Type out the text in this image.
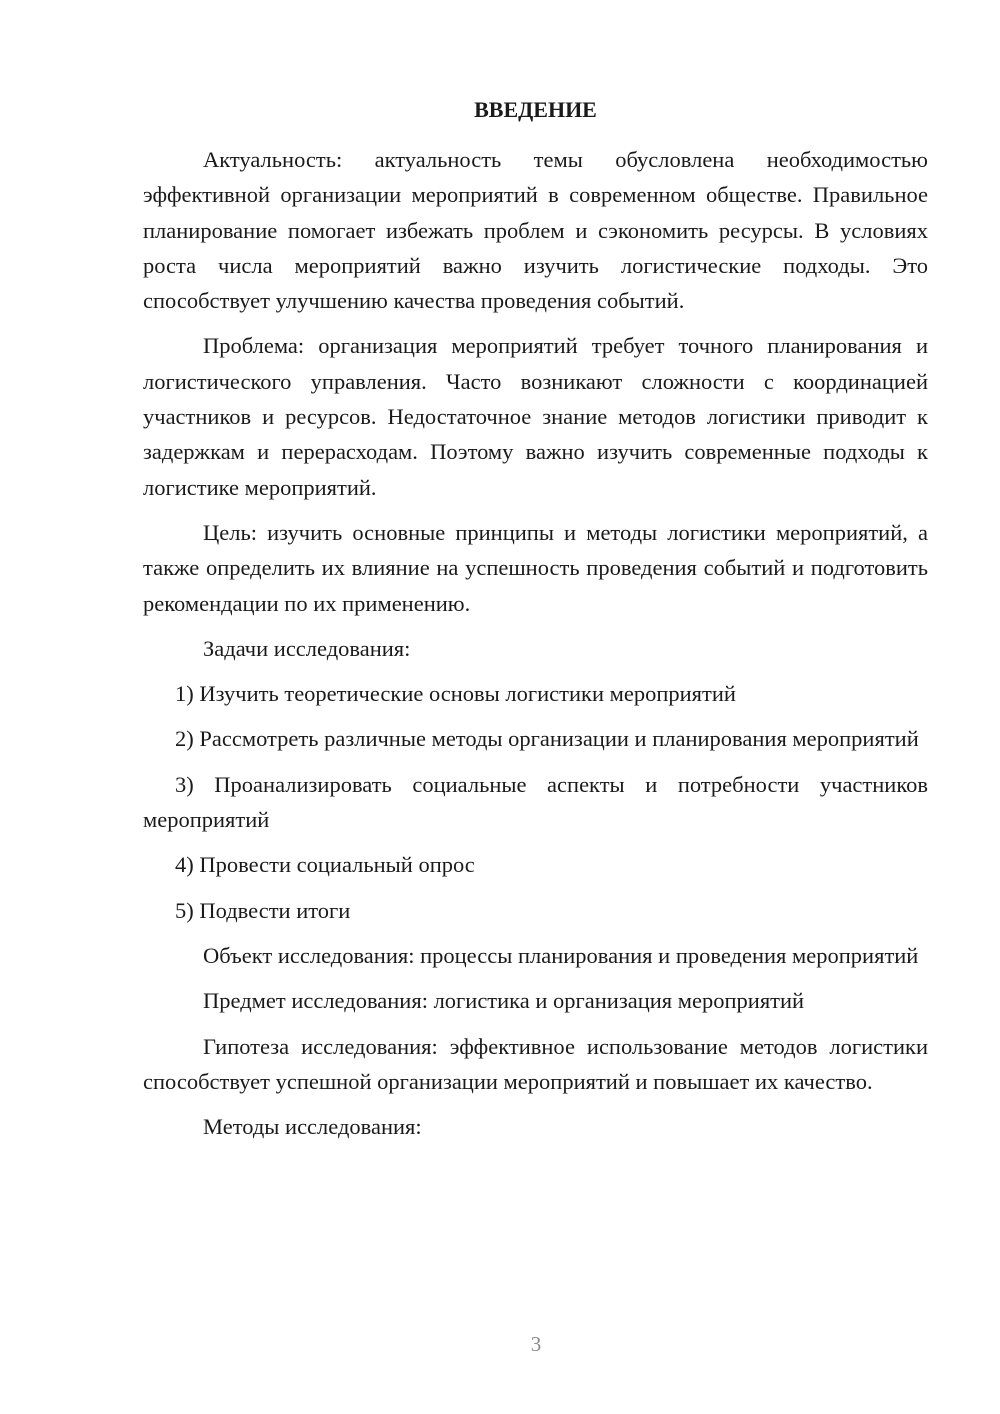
ВВЕДЕНИЕ

Актуальность: актуальность темы обусловлена необходимостью эффективной организации мероприятий в современном обществе. Правильное планирование помогает избежать проблем и сэкономить ресурсы. В условиях роста числа мероприятий важно изучить логистические подходы. Это способствует улучшению качества проведения событий.

Проблема: организация мероприятий требует точного планирования и логистического управления. Часто возникают сложности с координацией участников и ресурсов. Недостаточное знание методов логистики приводит к задержкам и перерасходам. Поэтому важно изучить современные подходы к логистике мероприятий.

Цель: изучить основные принципы и методы логистики мероприятий, а также определить их влияние на успешность проведения событий и подготовить рекомендации по их применению.

Задачи исследования:

1) Изучить теоретические основы логистики мероприятий

2) Рассмотреть различные методы организации и планирования мероприятий

3) Проанализировать социальные аспекты и потребности участников мероприятий

4) Провести социальный опрос

5) Подвести итоги

Объект исследования: процессы планирования и проведения мероприятий

Предмет исследования: логистика и организация мероприятий

Гипотеза исследования: эффективное использование методов логистики способствует успешной организации мероприятий и повышает их качество.

Методы исследования:

3
